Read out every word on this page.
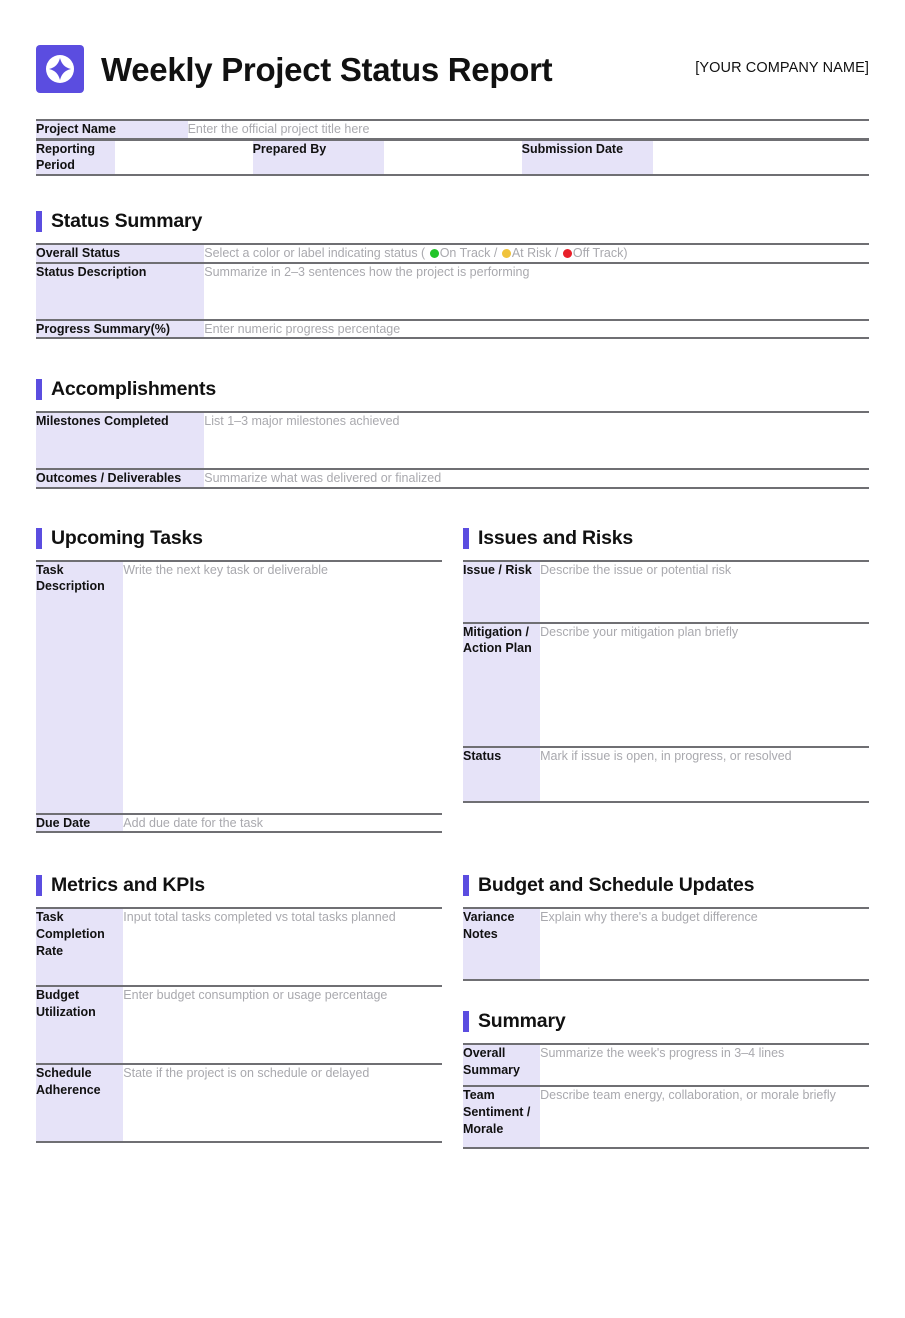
Weekly Project Status Report	[YOUR COMPANY NAME]
Project Name	Enter the official project title here
Reporting Period		Prepared By		Submission Date	
Status Summary
Overall Status	Select a color or label indicating status ( On Track / At Risk / Off Track)
Status Description	Summarize in 2–3 sentences how the project is performing
Progress Summary(%)	Enter numeric progress percentage
Accomplishments
Milestones Completed	List 1–3 major milestones achieved
Outcomes / Deliverables	Summarize what was delivered or finalized
Upcoming Tasks
Task Description	Write the next key task or deliverable
Due Date	Add due date for the task
Issues and Risks
Issue / Risk	Describe the issue or potential risk
Mitigation / Action Plan	Describe your mitigation plan briefly
Status	Mark if issue is open, in progress, or resolved
Metrics and KPIs
Task Completion Rate	Input total tasks completed vs total tasks planned
Budget Utilization	Enter budget consumption or usage percentage
Schedule Adherence	State if the project is on schedule or delayed
Budget and Schedule Updates
Variance Notes	Explain why there's a budget difference
Summary
Overall Summary	Summarize the week's progress in 3–4 lines
Team Sentiment / Morale	Describe team energy, collaboration, or morale briefly
